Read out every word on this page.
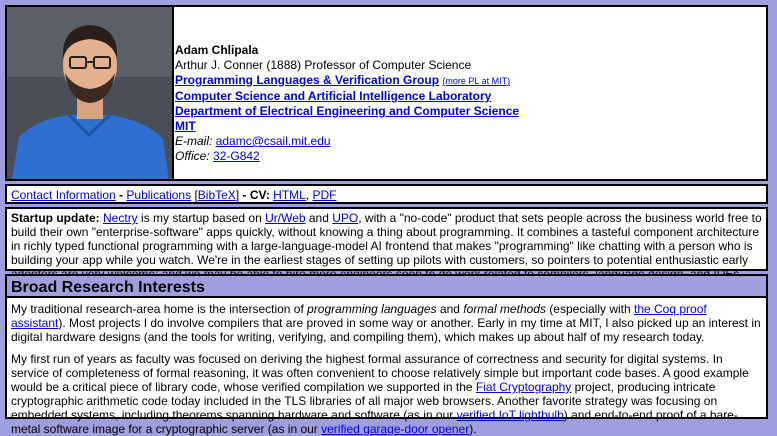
Adam Chlipala
Arthur J. Conner (1888) Professor of Computer Science
Programming Languages & Verification Group (more PL at MIT)
Computer Science and Artificial Intelligence Laboratory
Department of Electrical Engineering and Computer Science
MIT
E-mail: adamc@csail.mit.edu
Office: 32-G842
Contact Information - Publications [BibTeX] - CV: HTML, PDF
Startup update: Nectry is my startup based on Ur/Web and UPO, with a "no-code" product that sets people across the business world free to build their own "enterprise-software" apps quickly, without knowing a thing about programming. It combines a tasteful component architecture in richly typed functional programming with a large-language-model AI frontend that makes "programming" like chatting with a person who is building your app while you watch. We're in the earliest stages of setting up pilots with customers, so pointers to potential enthusiastic early
Broad Research Interests

My traditional research-area home is the intersection of programming languages and formal methods (especially with the Coq proof assistant). Most projects I do involve compilers that are proved in some way or another. Early in my time at MIT, I also picked up an interest in digital hardware designs (and the tools for writing, verifying, and compiling them), which makes up about half of my research today.

My first run of years as faculty was focused on deriving the highest formal assurance of correctness and security for digital systems. In service of completeness of formal reasoning, it was often convenient to choose relatively simple but important code bases. A good example would be a critical piece of library code, whose verified compilation we supported in the Fiat Cryptography project, producing intricate cryptographic arithmetic code today included in the TLS libraries of all major web browsers. Another favorite strategy was focusing on embedded systems, including theorems spanning hardware and software (as in our verified IoT lightbulb) and end-to-end proof of a bare-metal software image for a cryptographic server (as in our verified garage-door opener).
